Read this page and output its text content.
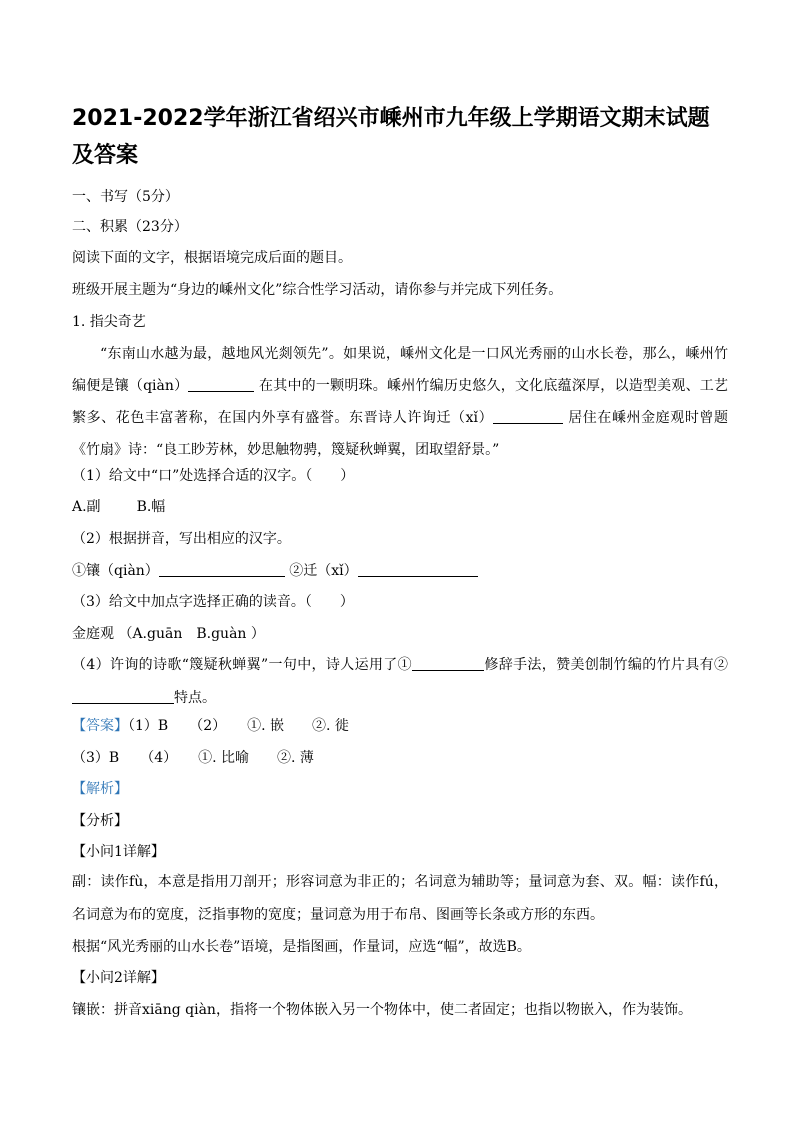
2021-2022学年浙江省绍兴市嵊州市九年级上学期语文期末试题及答案
一、书写（5分）
二、积累（23分）
阅读下面的文字，根据语境完成后面的题目。
班级开展主题为“身边的嵊州文化”综合性学习活动，请你参与并完成下列任务。
1. 指尖奇艺
“东南山水越为最，越地风光剡领先”。如果说，嵊州文化是一口风光秀丽的山水长卷，那么，嵊州竹编便是镶（qiàn）	在其中的一颗明珠。嵊州竹编历史悠久，文化底蕴深厚，以造型美观、工艺繁多、花色丰富著称，在国内外享有盛誉。东晋诗人许询迁（xǐ）	居住在嵊州金庭观时曾题《竹扇》诗：“良工眇芳林，妙思触物骋，篾疑秋蝉翼，团取望舒景。”
（1）给文中“口”处选择合适的汉字。（　　）
A.副	B.幅
（2）根据拼音，写出相应的汉字。
①镶（qiàn）	②迁（xǐ）
（3）给文中加点字选择正确的读音。（　　）
金庭观 （A.guān　B.guàn ）
（4）许询的诗歌“篾疑秋蝉翼”一句中，诗人运用了①	修辞手法，赞美创制竹编的竹片具有②特点。
【答案】（1）B　　（2）　　①. 嵌　　②. 徙
（3）B　　（4）　　①. 比喻　　②. 薄
【解析】
【分析】
【小问1详解】
副：读作fù，本意是指用刀剖开；形容词意为非正的；名词意为辅助等；量词意为套、双。幅：读作fú，名词意为布的宽度，泛指事物的宽度；量词意为用于布帛、图画等长条或方形的东西。
根据“风光秀丽的山水长卷”语境，是指图画，作量词，应选“幅”，故选B。
【小问2详解】
镶嵌：拼音xiāng qiàn，指将一个物体嵌入另一个物体中，使二者固定；也指以物嵌入，作为装饰。
